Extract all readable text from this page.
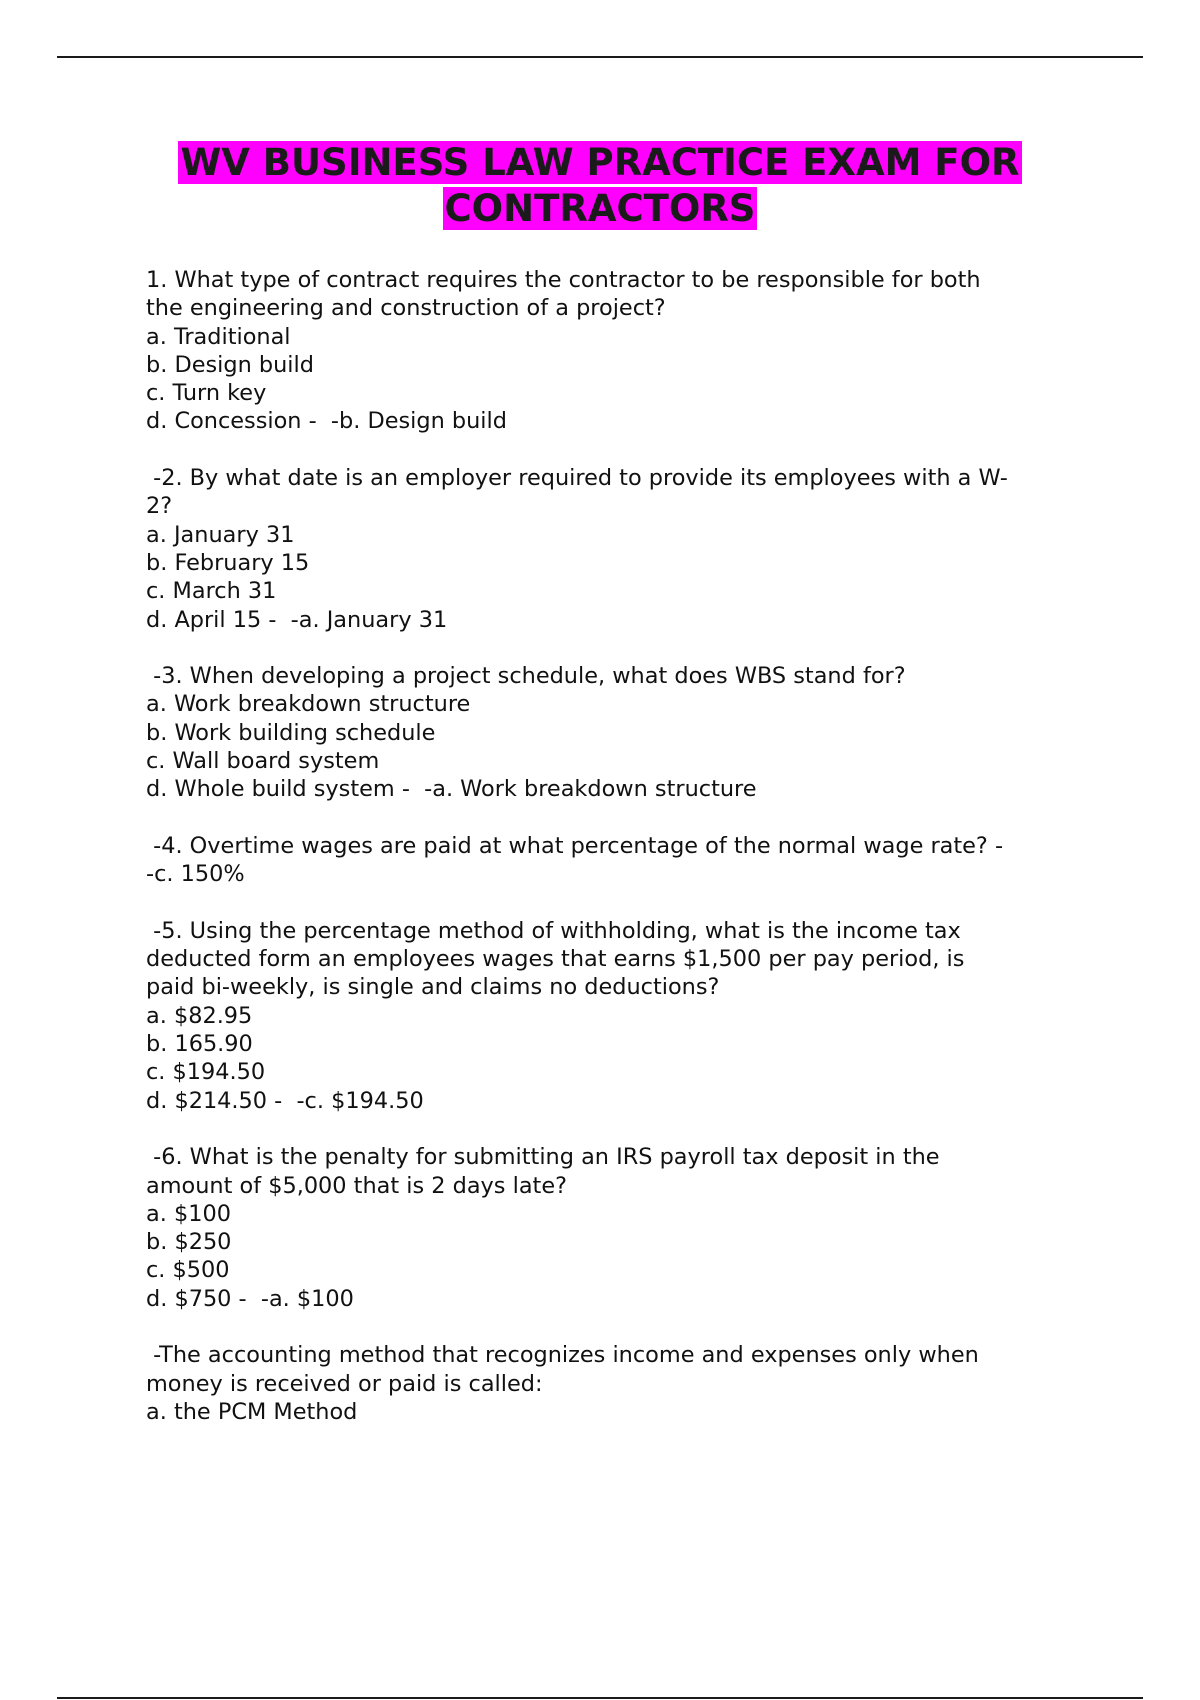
WV BUSINESS LAW PRACTICE EXAM FOR
CONTRACTORS
1. What type of contract requires the contractor to be responsible for both
the engineering and construction of a project?
a. Traditional
b. Design build
c. Turn key
d. Concession -  -b. Design build
-2. By what date is an employer required to provide its employees with a W-
2?
a. January 31
b. February 15
c. March 31
d. April 15 -  -a. January 31
-3. When developing a project schedule, what does WBS stand for?
a. Work breakdown structure
b. Work building schedule
c. Wall board system
d. Whole build system -  -a. Work breakdown structure
-4. Overtime wages are paid at what percentage of the normal wage rate? -
-c. 150%
-5. Using the percentage method of withholding, what is the income tax
deducted form an employees wages that earns $1,500 per pay period, is
paid bi-weekly, is single and claims no deductions?
a. $82.95
b. 165.90
c. $194.50
d. $214.50 -  -c. $194.50
-6. What is the penalty for submitting an IRS payroll tax deposit in the
amount of $5,000 that is 2 days late?
a. $100
b. $250
c. $500
d. $750 -  -a. $100
-The accounting method that recognizes income and expenses only when
money is received or paid is called:
a. the PCM Method
